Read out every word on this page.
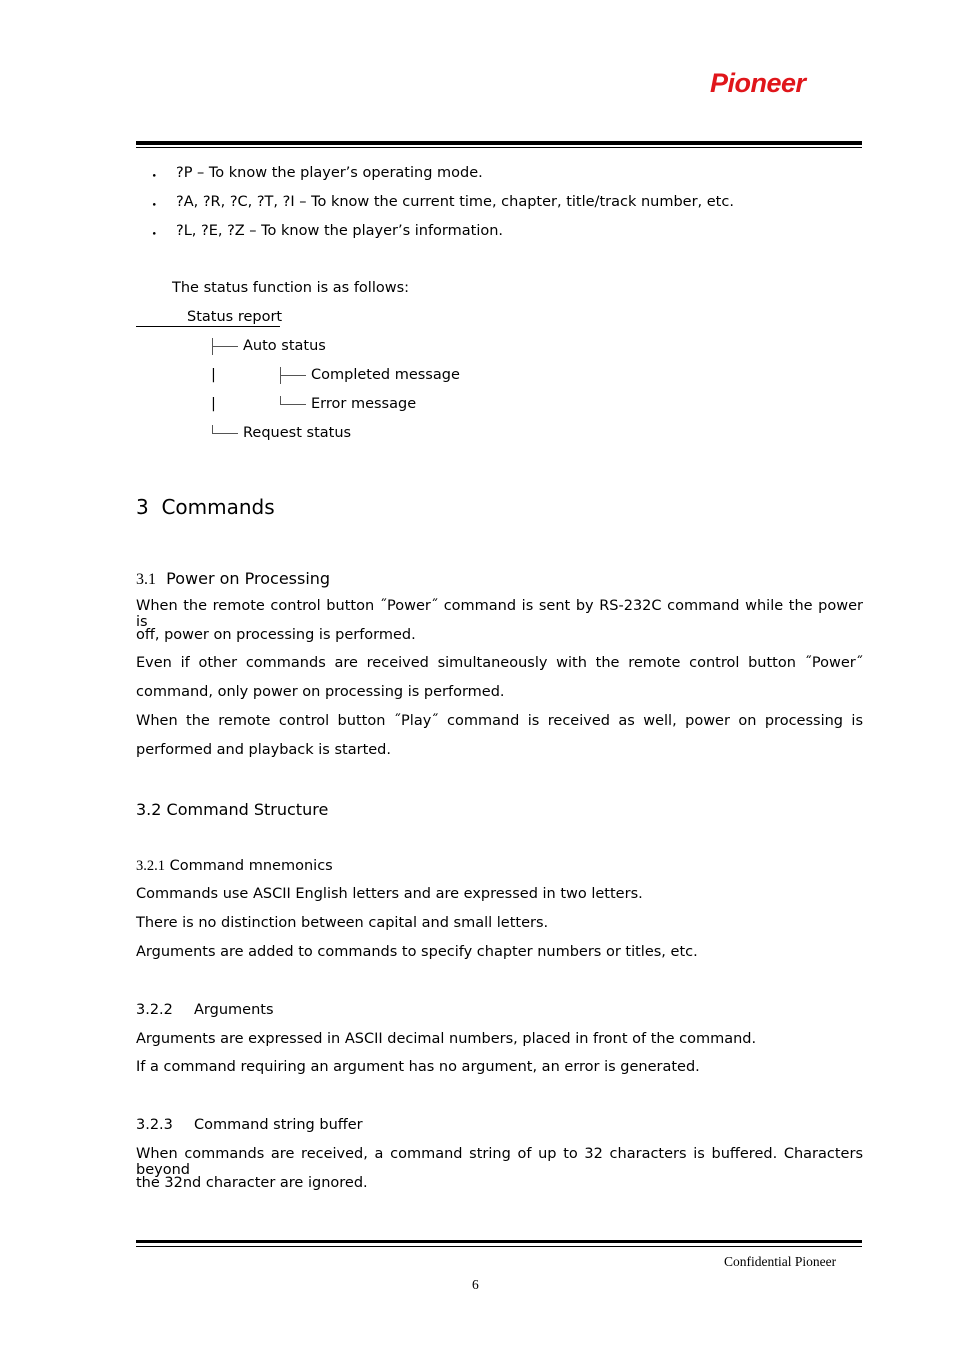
Pioneer
・ ?P – To know the player’s operating mode.
・ ?A, ?R, ?C, ?T, ?I – To know the current time, chapter, title/track number, etc.
・ ?L, ?E, ?Z – To know the player’s information.
The status function is as follows:
Status report
Auto status
|	Completed message
|	Error message
Request status
3 Commands
3.1 Power on Processing
When the remote control button ˝Power˝ command is sent by RS-232C command while the power is
off, power on processing is performed.
Even if other commands are received simultaneously with the remote control button ˝Power˝
command, only power on processing is performed.
When the remote control button ˝Play˝ command is received as well, power on processing is
performed and playback is started.
3.2 Command Structure
3.2.1 Command mnemonics
Commands use ASCII English letters and are expressed in two letters.
There is no distinction between capital and small letters.
Arguments are added to commands to specify chapter numbers or titles, etc.
3.2.2 Arguments
Arguments are expressed in ASCII decimal numbers, placed in front of the command.
If a command requiring an argument has no argument, an error is generated.
3.2.3 Command string buffer
When commands are received, a command string of up to 32 characters is buffered. Characters beyond
the 32nd character are ignored.
Confidential Pioneer
6
